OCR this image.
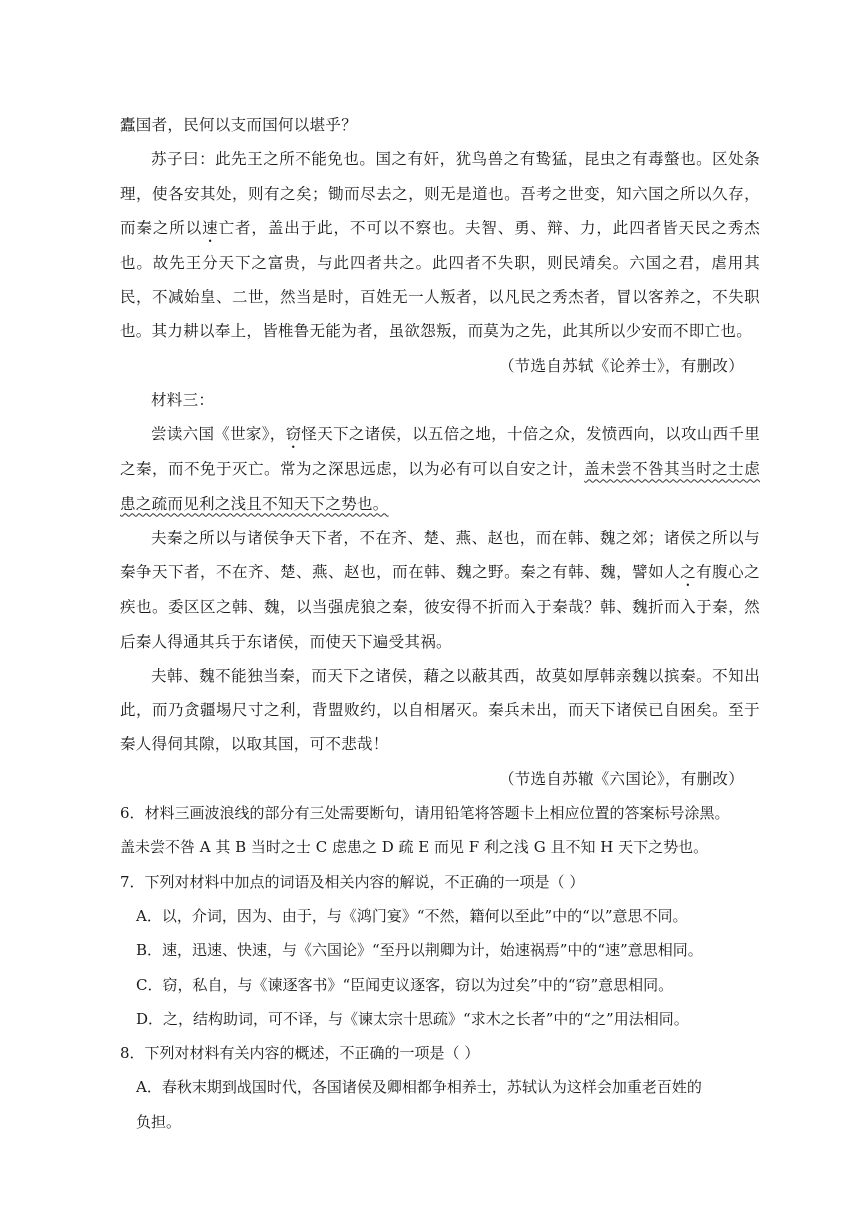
蠹国者，民何以支而国何以堪乎？

苏子曰：此先王之所不能免也。国之有奸，犹鸟兽之有鸷猛，昆虫之有毒螫也。区处条理，使各安其处，则有之矣；锄而尽去之，则无是道也。吾考之世变，知六国之所以久存，而秦之所以速亡者，盖出于此，不可以不察也。夫智、勇、辩、力，此四者皆天民之秀杰也。故先王分天下之富贵，与此四者共之。此四者不失职，则民靖矣。六国之君，虐用其民，不减始皇、二世，然当是时，百姓无一人叛者，以凡民之秀杰者，冒以客养之，不失职也。其力耕以奉上，皆椎鲁无能为者，虽欲怨叛，而莫为之先，此其所以少安而不即亡也。

（节选自苏轼《论养士》，有删改）

材料三：

尝读六国《世家》，窃怪天下之诸侯，以五倍之地，十倍之众，发愤西向，以攻山西千里之秦，而不免于灭亡。常为之深思远虑，以为必有可以自安之计，盖未尝不咎其当时之士虑患之疏而见利之浅且不知天下之势也。

夫秦之所以与诸侯争天下者，不在齐、楚、燕、赵也，而在韩、魏之郊；诸侯之所以与秦争天下者，不在齐、楚、燕、赵也，而在韩、魏之野。秦之有韩、魏，譬如人之有腹心之疾也。委区区之韩、魏，以当强虎狼之秦，彼安得不折而入于秦哉？韩、魏折而入于秦，然后秦人得通其兵于东诸侯，而使天下遍受其祸。

夫韩、魏不能独当秦，而天下之诸侯，藉之以蔽其西，故莫如厚韩亲魏以摈秦。不知出此，而乃贪疆埸尺寸之利，背盟败约，以自相屠灭。秦兵未出，而天下诸侯已自困矣。至于秦人得伺其隙，以取其国，可不悲哉！

（节选自苏辙《六国论》，有删改）

6．材料三画波浪线的部分有三处需要断句，请用铅笔将答题卡上相应位置的答案标号涂黑。

盖未尝不咎 A 其 B 当时之士 C 虑患之 D 疏 E 而见 F 利之浅 G 且不知 H 天下之势也。

7．下列对材料中加点的词语及相关内容的解说，不正确的一项是（ ）

A．以，介词，因为、由于，与《鸿门宴》“不然，籍何以至此”中的“以”意思不同。

B．速，迅速、快速，与《六国论》“至丹以荆卿为计，始速祸焉”中的“速”意思相同。

C．窃，私自，与《谏逐客书》“臣闻吏议逐客，窃以为过矣”中的“窃”意思相同。

D．之，结构助词，可不译，与《谏太宗十思疏》“求木之长者”中的“之”用法相同。

8．下列对材料有关内容的概述，不正确的一项是（ ）

A．春秋末期到战国时代，各国诸侯及卿相都争相养士，苏轼认为这样会加重老百姓的

负担。
